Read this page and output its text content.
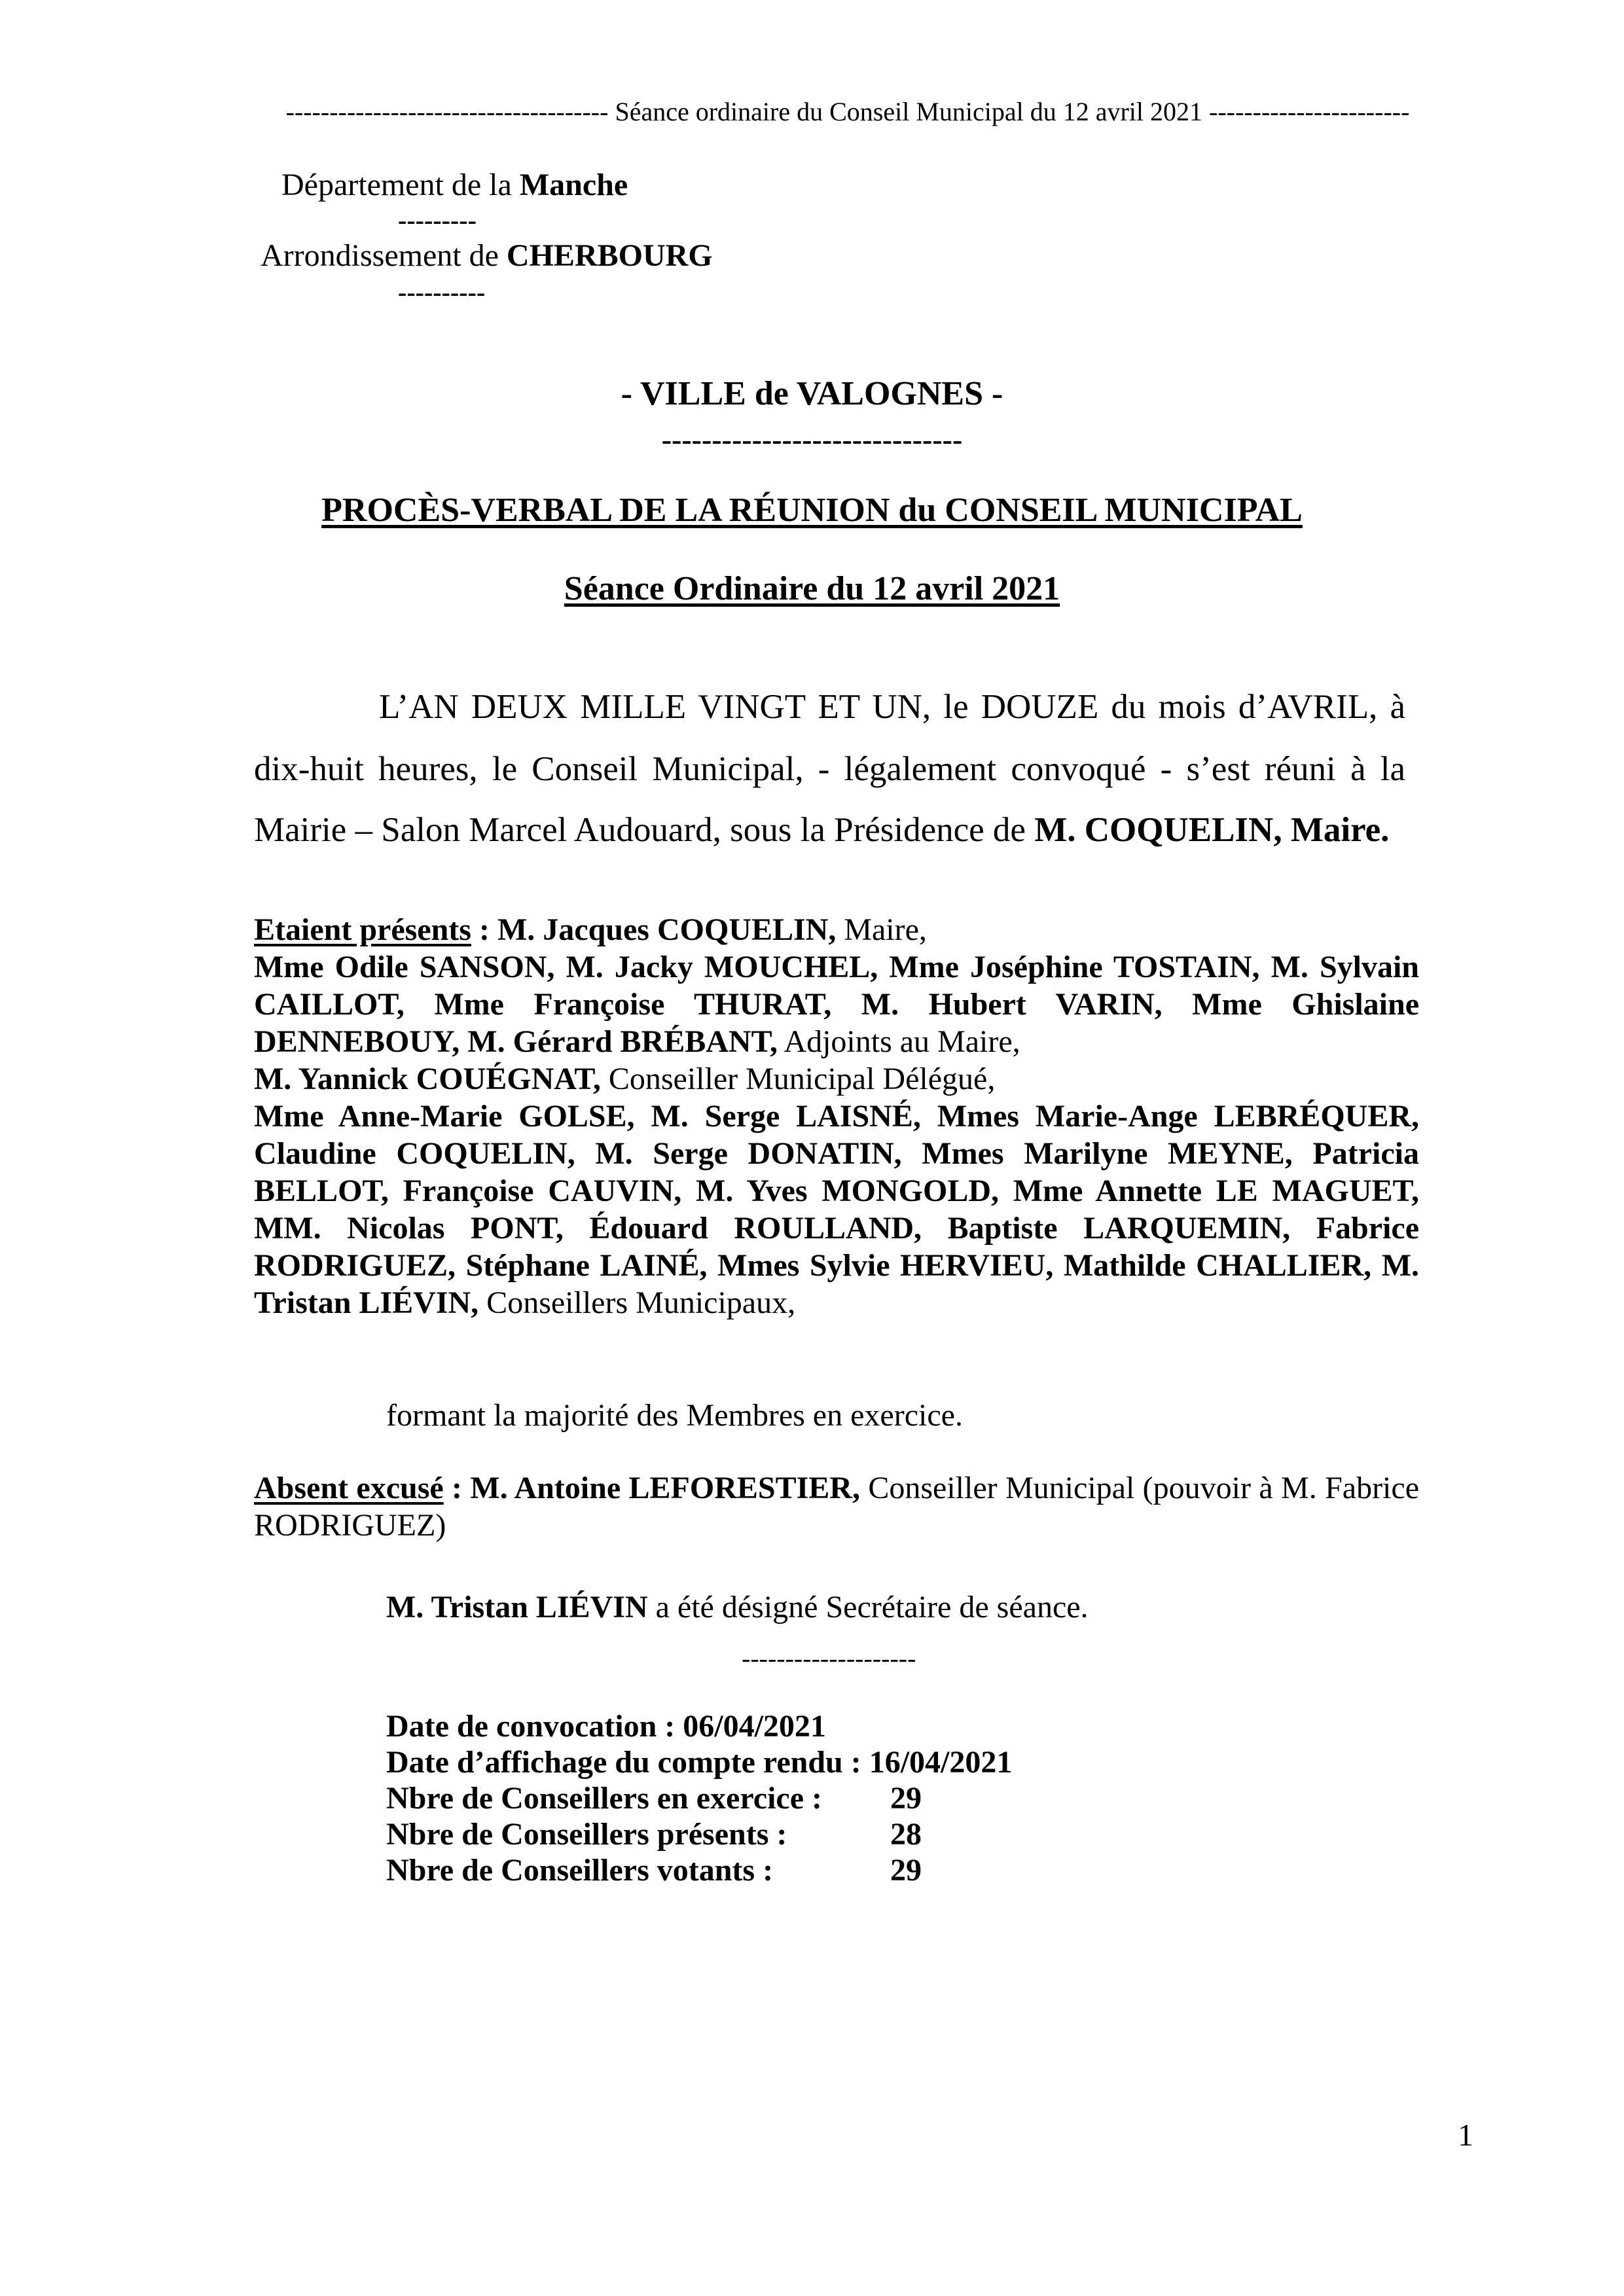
------------------------------------- Séance ordinaire du Conseil Municipal du 12 avril 2021 -----------------------
Département de la Manche
---------
Arrondissement de CHERBOURG
----------
- VILLE de VALOGNES -
------------------------------
PROCÈS-VERBAL DE LA RÉUNION du CONSEIL MUNICIPAL
Séance Ordinaire du 12 avril 2021
L’AN DEUX MILLE VINGT ET UN, le DOUZE du mois d’AVRIL, à
dix-huit heures, le Conseil Municipal, - légalement convoqué - s’est réuni à la
Mairie – Salon Marcel Audouard, sous la Présidence de M. COQUELIN, Maire.

Etaient présents : M. Jacques COQUELIN, Maire,

Mme Odile SANSON, M. Jacky MOUCHEL, Mme Joséphine TOSTAIN, M. Sylvain CAILLOT, Mme Françoise THURAT, M. Hubert VARIN, Mme Ghislaine DENNEBOUY, M. Gérard BRÉBANT, Adjoints au Maire,

M. Yannick COUÉGNAT, Conseiller Municipal Délégué,

Mme Anne-Marie GOLSE, M. Serge LAISNÉ, Mmes Marie-Ange LEBRÉQUER, Claudine COQUELIN, M. Serge DONATIN, Mmes Marilyne MEYNE, Patricia BELLOT, Françoise CAUVIN, M. Yves MONGOLD, Mme Annette LE MAGUET, MM. Nicolas PONT, Édouard ROULLAND, Baptiste LARQUEMIN, Fabrice RODRIGUEZ, Stéphane LAINÉ, Mmes Sylvie HERVIEU, Mathilde CHALLIER, M. Tristan LIÉVIN, Conseillers Municipaux,

formant la majorité des Membres en exercice.

Absent excusé : M. Antoine LEFORESTIER, Conseiller Municipal (pouvoir à M. Fabrice RODRIGUEZ)

M. Tristan LIÉVIN a été désigné Secrétaire de séance.
--------------------
Date de convocation : 06/04/2021
Date d’affichage du compte rendu : 16/04/2021
Nbre de Conseillers en exercice : 29
Nbre de Conseillers présents :	28
Nbre de Conseillers votants :	29
1
